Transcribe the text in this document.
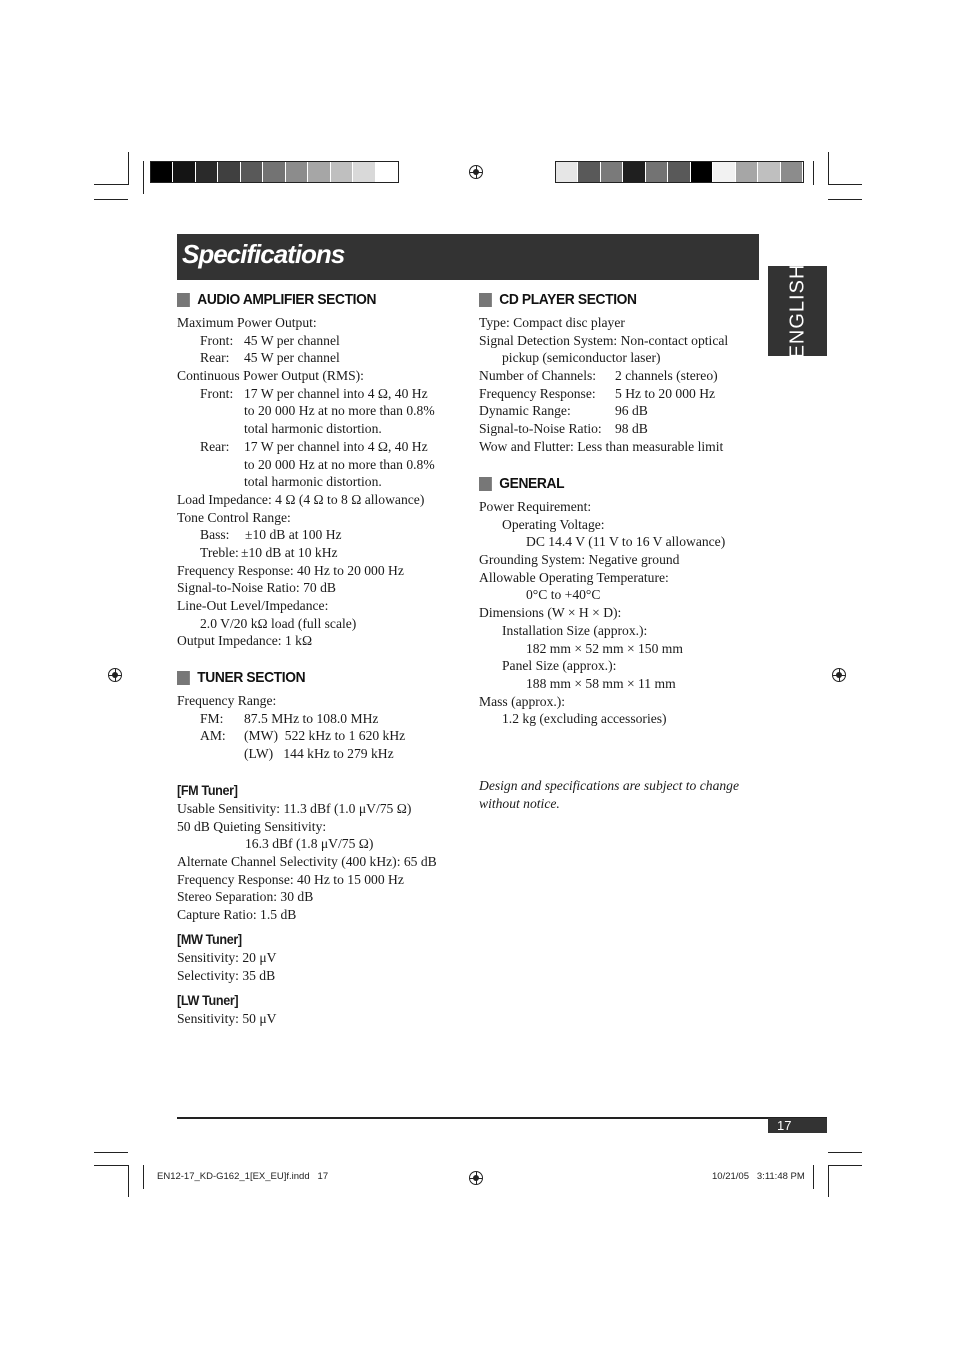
Specifications
ENGLISH
AUDIO AMPLIFIER SECTION
Maximum Power Output:
Front: 45 W per channel
Rear: 45 W per channel
Continuous Power Output (RMS):
Front: 17 W per channel into 4 Ω, 40 Hz
to 20 000 Hz at no more than 0.8%
total harmonic distortion.
Rear: 17 W per channel into 4 Ω, 40 Hz
to 20 000 Hz at no more than 0.8%
total harmonic distortion.
Load Impedance: 4 Ω (4 Ω to 8 Ω allowance)
Tone Control Range:
Bass: ±10 dB at 100 Hz
Treble: ±10 dB at 10 kHz
Frequency Response: 40 Hz to 20 000 Hz
Signal-to-Noise Ratio: 70 dB
Line-Out Level/Impedance:
2.0 V/20 kΩ load (full scale)
Output Impedance: 1 kΩ
TUNER SECTION
Frequency Range:
FM: 87.5 MHz to 108.0 MHz
AM: (MW)  522 kHz to 1 620 kHz
(LW)   144 kHz to 279 kHz
[FM Tuner]
Usable Sensitivity: 11.3 dBf (1.0 μV/75 Ω)
50 dB Quieting Sensitivity:
16.3 dBf (1.8 μV/75 Ω)
Alternate Channel Selectivity (400 kHz): 65 dB
Frequency Response: 40 Hz to 15 000 Hz
Stereo Separation: 30 dB
Capture Ratio: 1.5 dB
[MW Tuner]
Sensitivity: 20 μV
Selectivity: 35 dB
[LW Tuner]
Sensitivity: 50 μV
CD PLAYER SECTION
Type: Compact disc player
Signal Detection System: Non-contact optical
pickup (semiconductor laser)
Number of Channels: 2 channels (stereo)
Frequency Response: 5 Hz to 20 000 Hz
Dynamic Range:	96 dB
Signal-to-Noise Ratio: 98 dB
Wow and Flutter: Less than measurable limit
GENERAL
Power Requirement:
Operating Voltage:
DC 14.4 V (11 V to 16 V allowance)
Grounding System: Negative ground
Allowable Operating Temperature:
0°C to +40°C
Dimensions (W × H × D):
Installation Size (approx.):
182 mm × 52 mm × 150 mm
Panel Size (approx.):
188 mm × 58 mm × 11 mm
Mass (approx.):
1.2 kg (excluding accessories)
Design and specifications are subject to change without notice.
17
EN12-17_KD-G162_1[EX_EU]f.indd   17	10/21/05   3:11:48 PM
